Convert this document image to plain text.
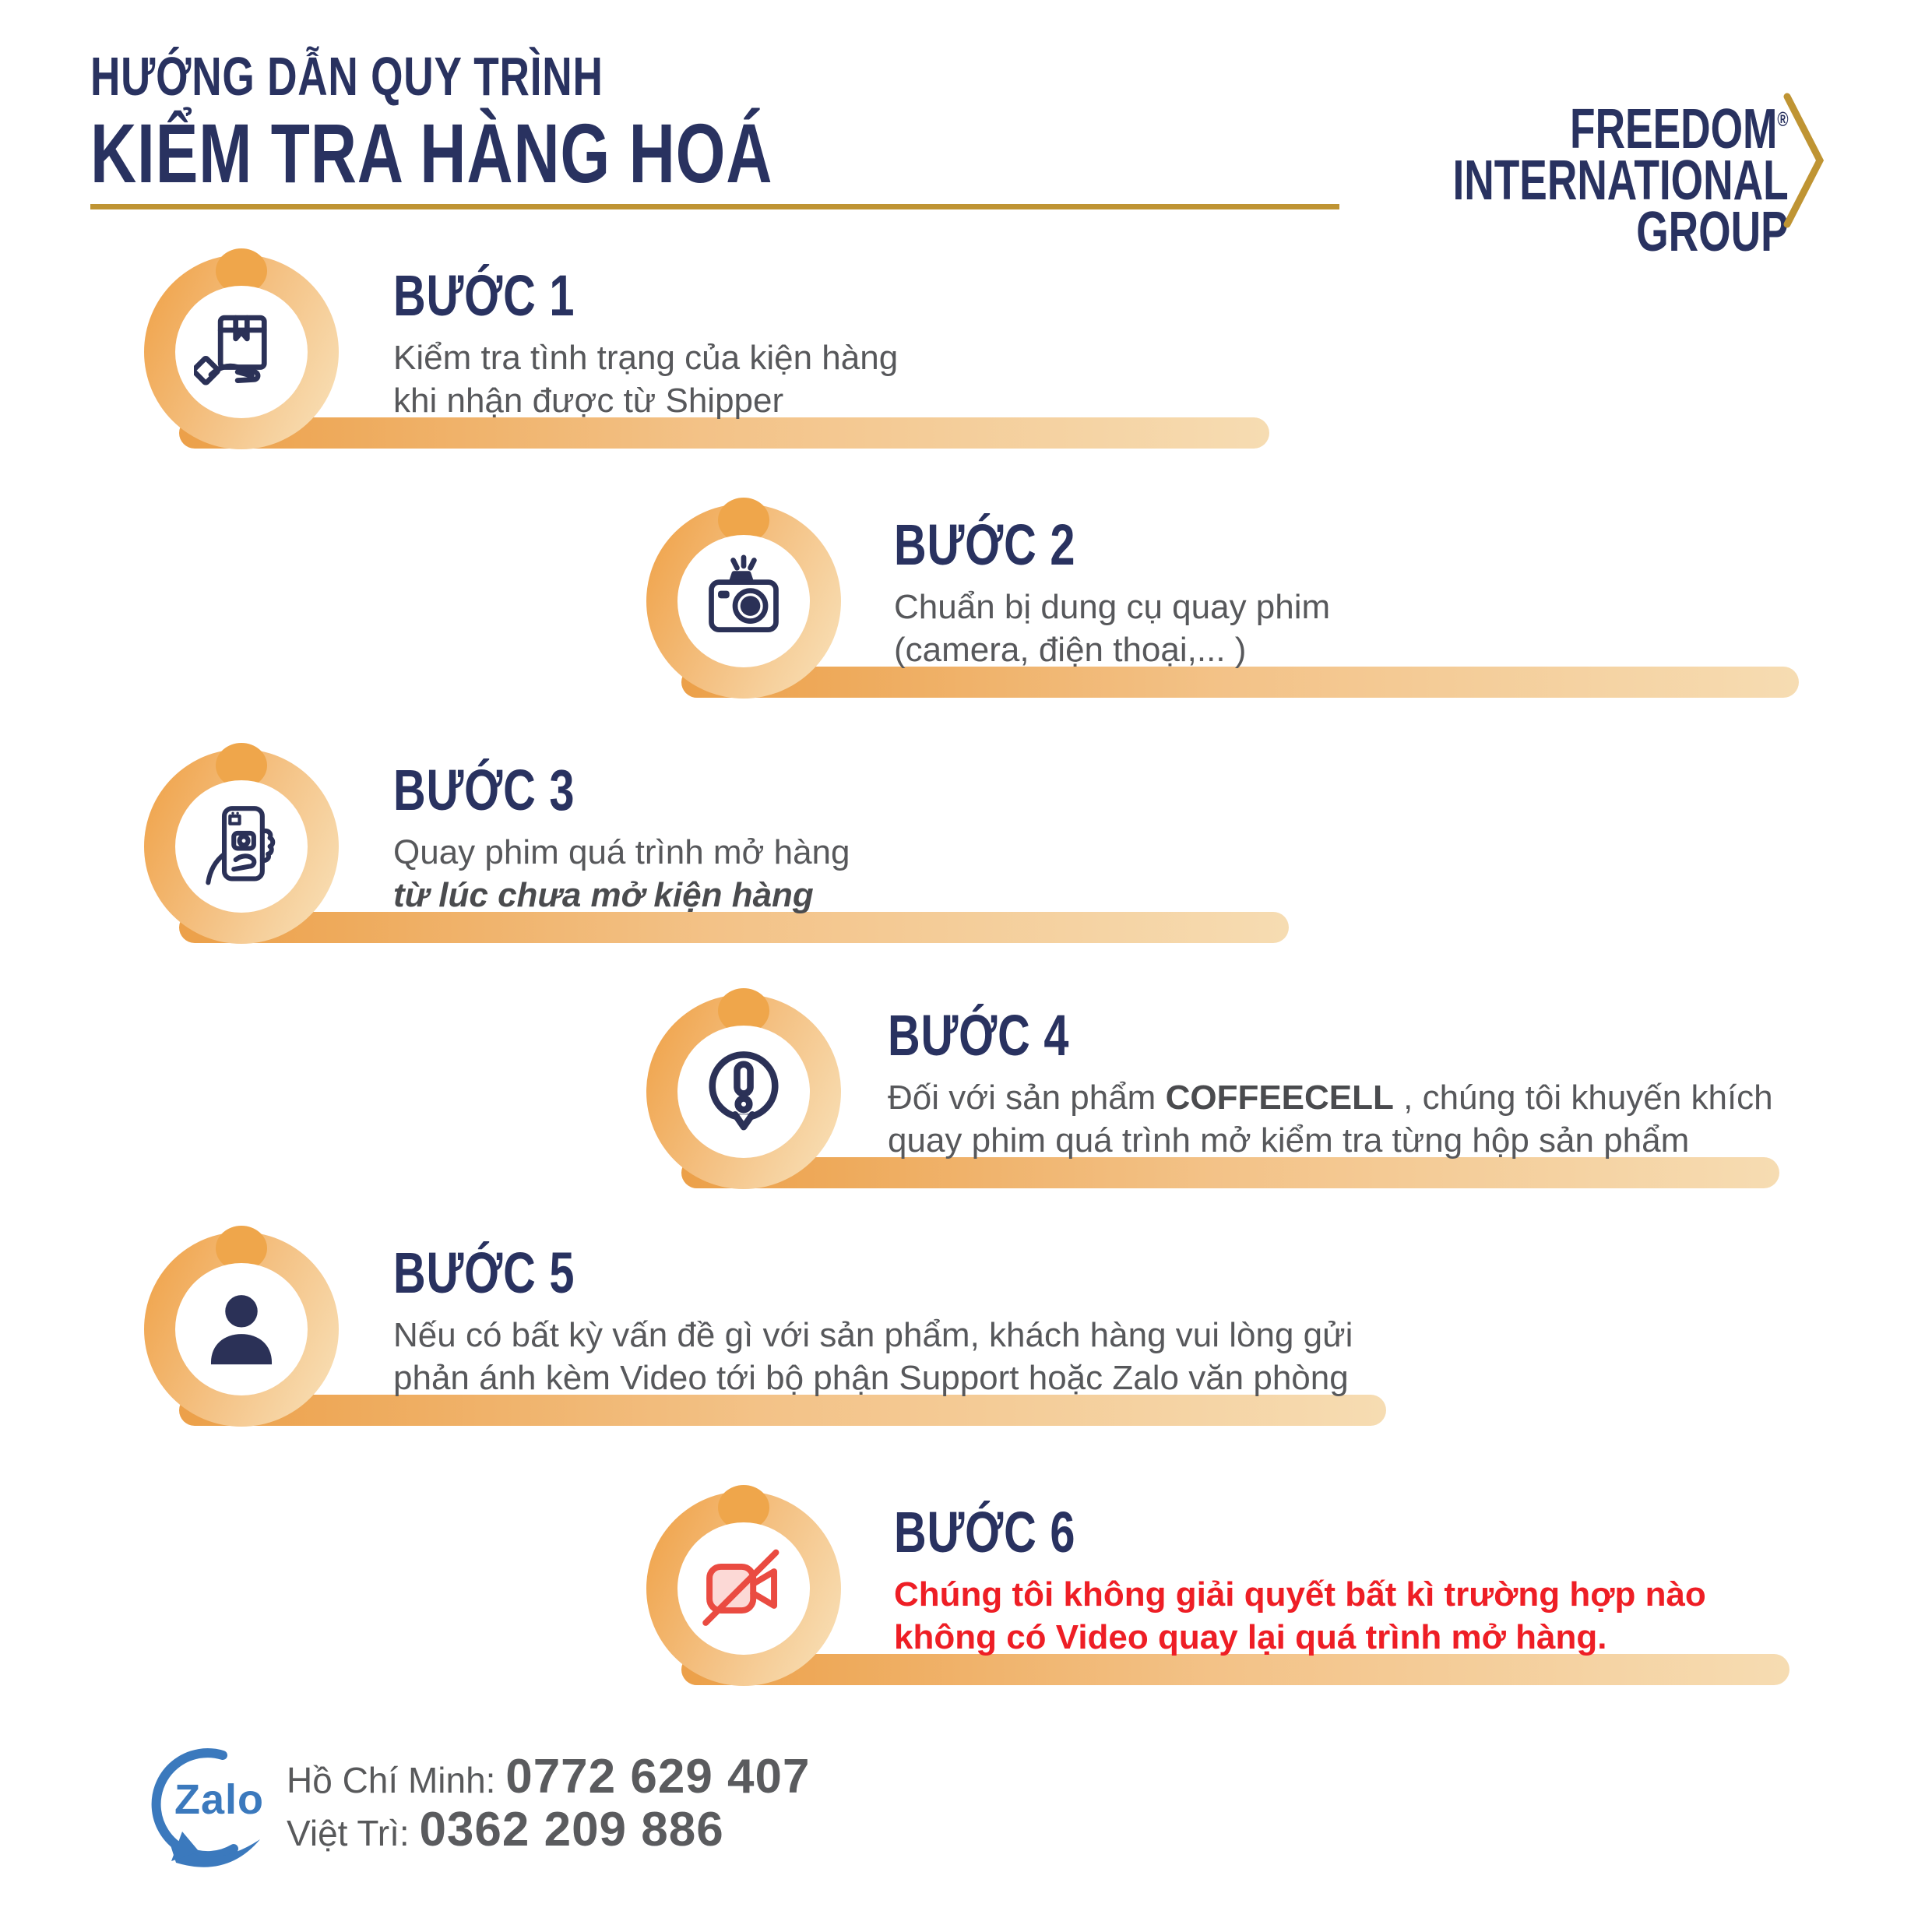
HƯỚNG DẪN QUY TRÌNH
KIỂM TRA HÀNG HOÁ	FREEDOM®
INTERNATIONAL
GROUP
BƯỚC 1
Kiểm tra tình trạng của kiện hàng
khi nhận được từ Shipper
BƯỚC 2
Chuẩn bị dung cụ quay phim
(camera, điện thoại,... )
BƯỚC 3
Quay phim quá trình mở hàng
từ lúc chưa mở kiện hàng
BƯỚC 4
Đối với sản phẩm COFFEECELL , chúng tôi khuyến khích
quay phim quá trình mở kiểm tra từng hộp sản phẩm
BƯỚC 5
Nếu có bất kỳ vấn đề gì với sản phẩm, khách hàng vui lòng gửi
phản ánh kèm Video tới bộ phận Support hoặc Zalo văn phòng
BƯỚC 6
Chúng tôi không giải quyết bất kì trường hợp nào
không có Video quay lại quá trình mở hàng.
Zalo Hồ Chí Minh: 0772 629 407
Việt Trì: 0362 209 886
